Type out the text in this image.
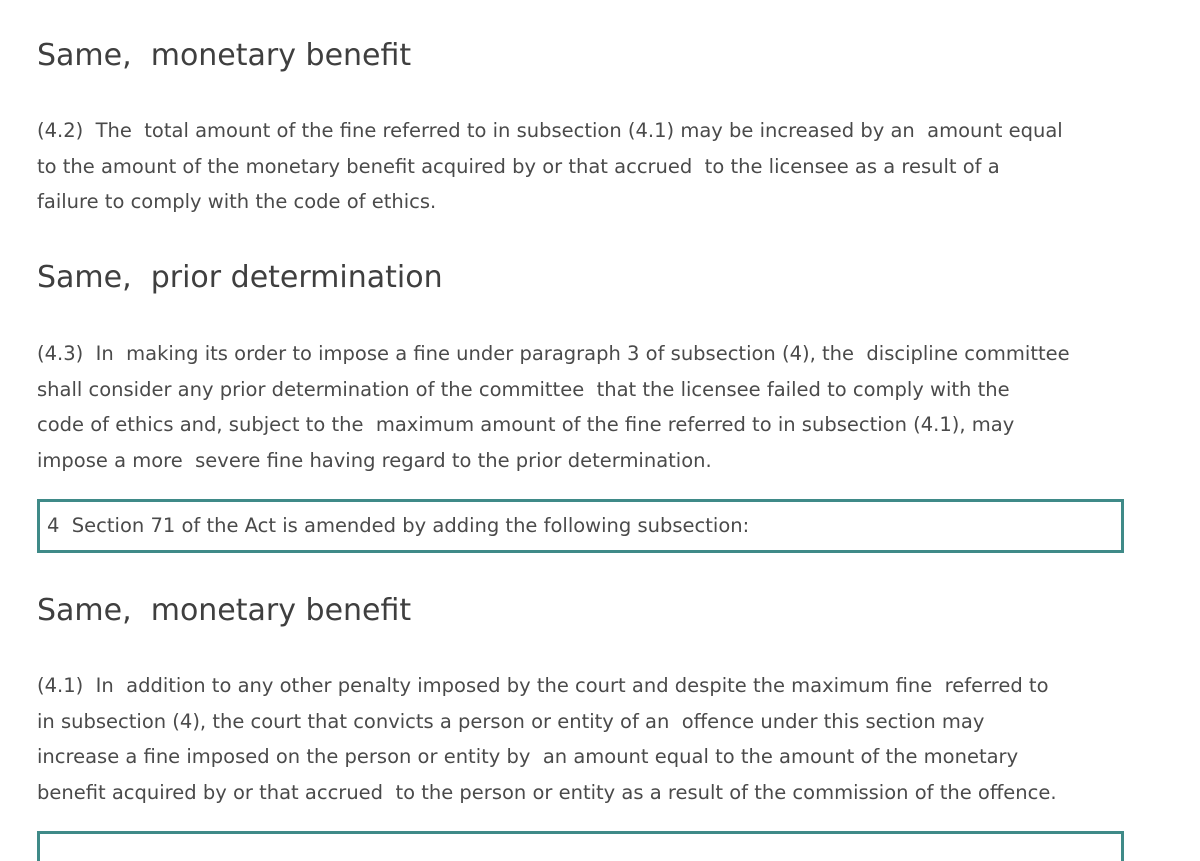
Same,  monetary benefit

(4.2)  The  total amount of the fine referred to in subsection (4.1) may be increased by an  amount equal
to the amount of the monetary benefit acquired by or that accrued  to the licensee as a result of a
failure to comply with the code of ethics.

Same,  prior determination

(4.3)  In  making its order to impose a fine under paragraph 3 of subsection (4), the  discipline committee
shall consider any prior determination of the committee  that the licensee failed to comply with the
code of ethics and, subject to the  maximum amount of the fine referred to in subsection (4.1), may
impose a more  severe fine having regard to the prior determination.

4  Section 71 of the Act is amended by adding the following subsection:
Same,  monetary benefit

(4.1)  In  addition to any other penalty imposed by the court and despite the maximum fine  referred to
in subsection (4), the court that convicts a person or entity of an  offence under this section may
increase a fine imposed on the person or entity by  an amount equal to the amount of the monetary
benefit acquired by or that accrued  to the person or entity as a result of the commission of the offence.
